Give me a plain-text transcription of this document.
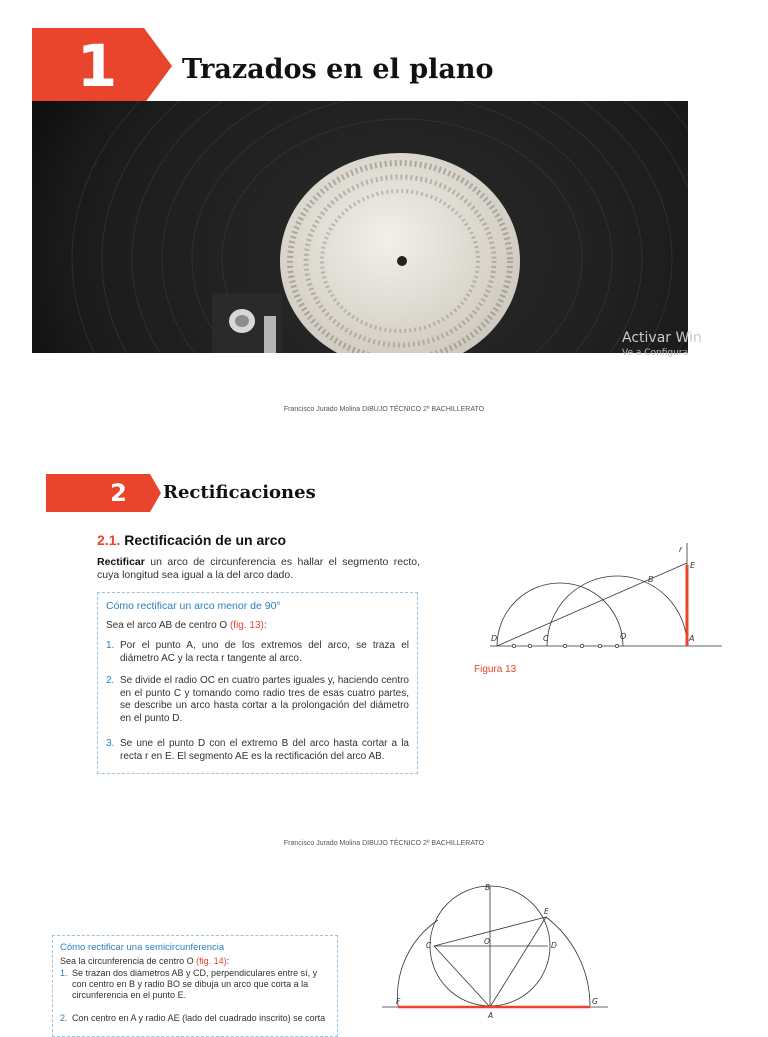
1	Trazados en el plano
Activar Win
Ve a Configura
Francisco Jurado Molina DIBUJO TÉCNICO 2º BACHILLERATO
2	Rectificaciones
2.1. Rectificación de un arco
Rectificar un arco de circunferencia es hallar el segmento recto, cuya longitud sea igual a la del arco dado.
Cómo rectificar un arco menor de 90°
Sea el arco AB de centro O (fig. 13):
1. Por el punto A, uno de los extremos del arco, se traza el diámetro AC y la recta r tangente al arco.
2. Se divide el radio OC en cuatro partes iguales y, haciendo centro en el punto C y tomando como radio tres de esas cuatro partes, se describe un arco hasta cortar a la prolongación del diámetro en el punto D.
3. Se une el punto D con el extremo B del arco hasta cortar a la recta r en E. El segmento AE es la rectificación del arco AB.
r
E
B
D	C	O	A
Figura 13
Francisco Jurado Molina DIBUJO TÉCNICO 2º BACHILLERATO
Cómo rectificar una semicircunferencia
Sea la circunferencia de centro O (fig. 14):
1. Se trazan dos diámetros AB y CD, perpendiculares entre sí, y con centro en B y radio BO se dibuja un arco que corta a la circunferencia en el punto E.
2. Con centro en A y radio AE (lado del cuadrado inscrito) se corta
B
E
C	O	D
F	G
A
